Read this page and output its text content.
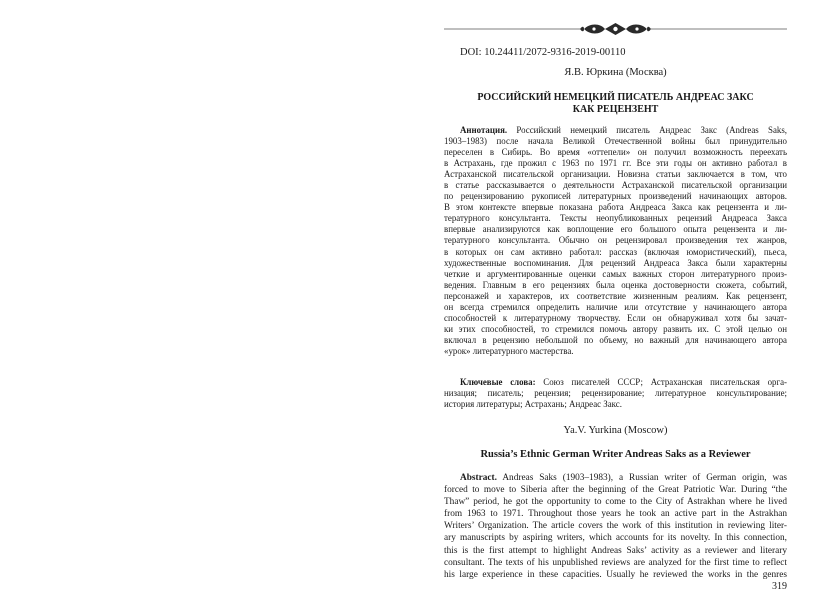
DOI: 10.24411/2072-9316-2019-00110
Я.В. Юркина (Москва)
РОССИЙСКИЙ НЕМЕЦКИЙ ПИСАТЕЛЬ АНДРЕАС ЗАКС
КАК РЕЦЕНЗЕНТ
Аннотация. Российский немецкий писатель Андреас Закс (Andreas Saks,
1903–1983) после начала Великой Отечественной войны был принудительно
переселен в Сибирь. Во время «оттепели» он получил возможность переехать
в Астрахань, где прожил с 1963 по 1971 гг. Все эти годы он активно работал в
Астраханской писательской организации. Новизна статьи заключается в том, что
в статье рассказывается о деятельности Астраханской писательской организации
по рецензированию рукописей литературных произведений начинающих авторов.
В этом контексте впервые показана работа Андреаса Закса как рецензента и ли-
тературного консультанта. Тексты неопубликованных рецензий Андреаса Закса
впервые анализируются как воплощение его большого опыта рецензента и ли-
тературного консультанта. Обычно он рецензировал произведения тех жанров,
в которых он сам активно работал: рассказ (включая юмористический), пьеса,
художественные воспоминания. Для рецензий Андреаса Закса были характерны
четкие и аргументированные оценки самых важных сторон литературного произ-
ведения. Главным в его рецензиях была оценка достоверности сюжета, событий,
персонажей и характеров, их соответствие жизненным реалиям. Как рецензент,
он всегда стремился определить наличие или отсутствие у начинающего автора
способностей к литературному творчеству. Если он обнаруживал хотя бы зачат-
ки этих способностей, то стремился помочь автору развить их. С этой целью он
включал в рецензию небольшой по объему, но важный для начинающего автора
«урок» литературного мастерства.
Ключевые слова: Союз писателей СССР; Астраханская писательская орга-
низация; писатель; рецензия; рецензирование; литературное консультирование;
история литературы; Астрахань; Андреас Закс.
Ya.V. Yurkina (Moscow)
Russia’s Ethnic German Writer Andreas Saks as a Reviewer
Abstract. Andreas Saks (1903–1983), a Russian writer of German origin, was
forced to move to Siberia after the beginning of the Great Patriotic War. During “the
Thaw” period, he got the opportunity to come to the City of Astrakhan where he lived
from 1963 to 1971. Throughout those years he took an active part in the Astrakhan
Writers’ Organization. The article covers the work of this institution in reviewing liter-
ary manuscripts by aspiring writers, which accounts for its novelty. In this connection,
this is the first attempt to highlight Andreas Saks’ activity as a reviewer and literary
consultant. The texts of his unpublished reviews are analyzed for the first time to reflect
his large experience in these capacities. Usually he reviewed the works in the genres
319
